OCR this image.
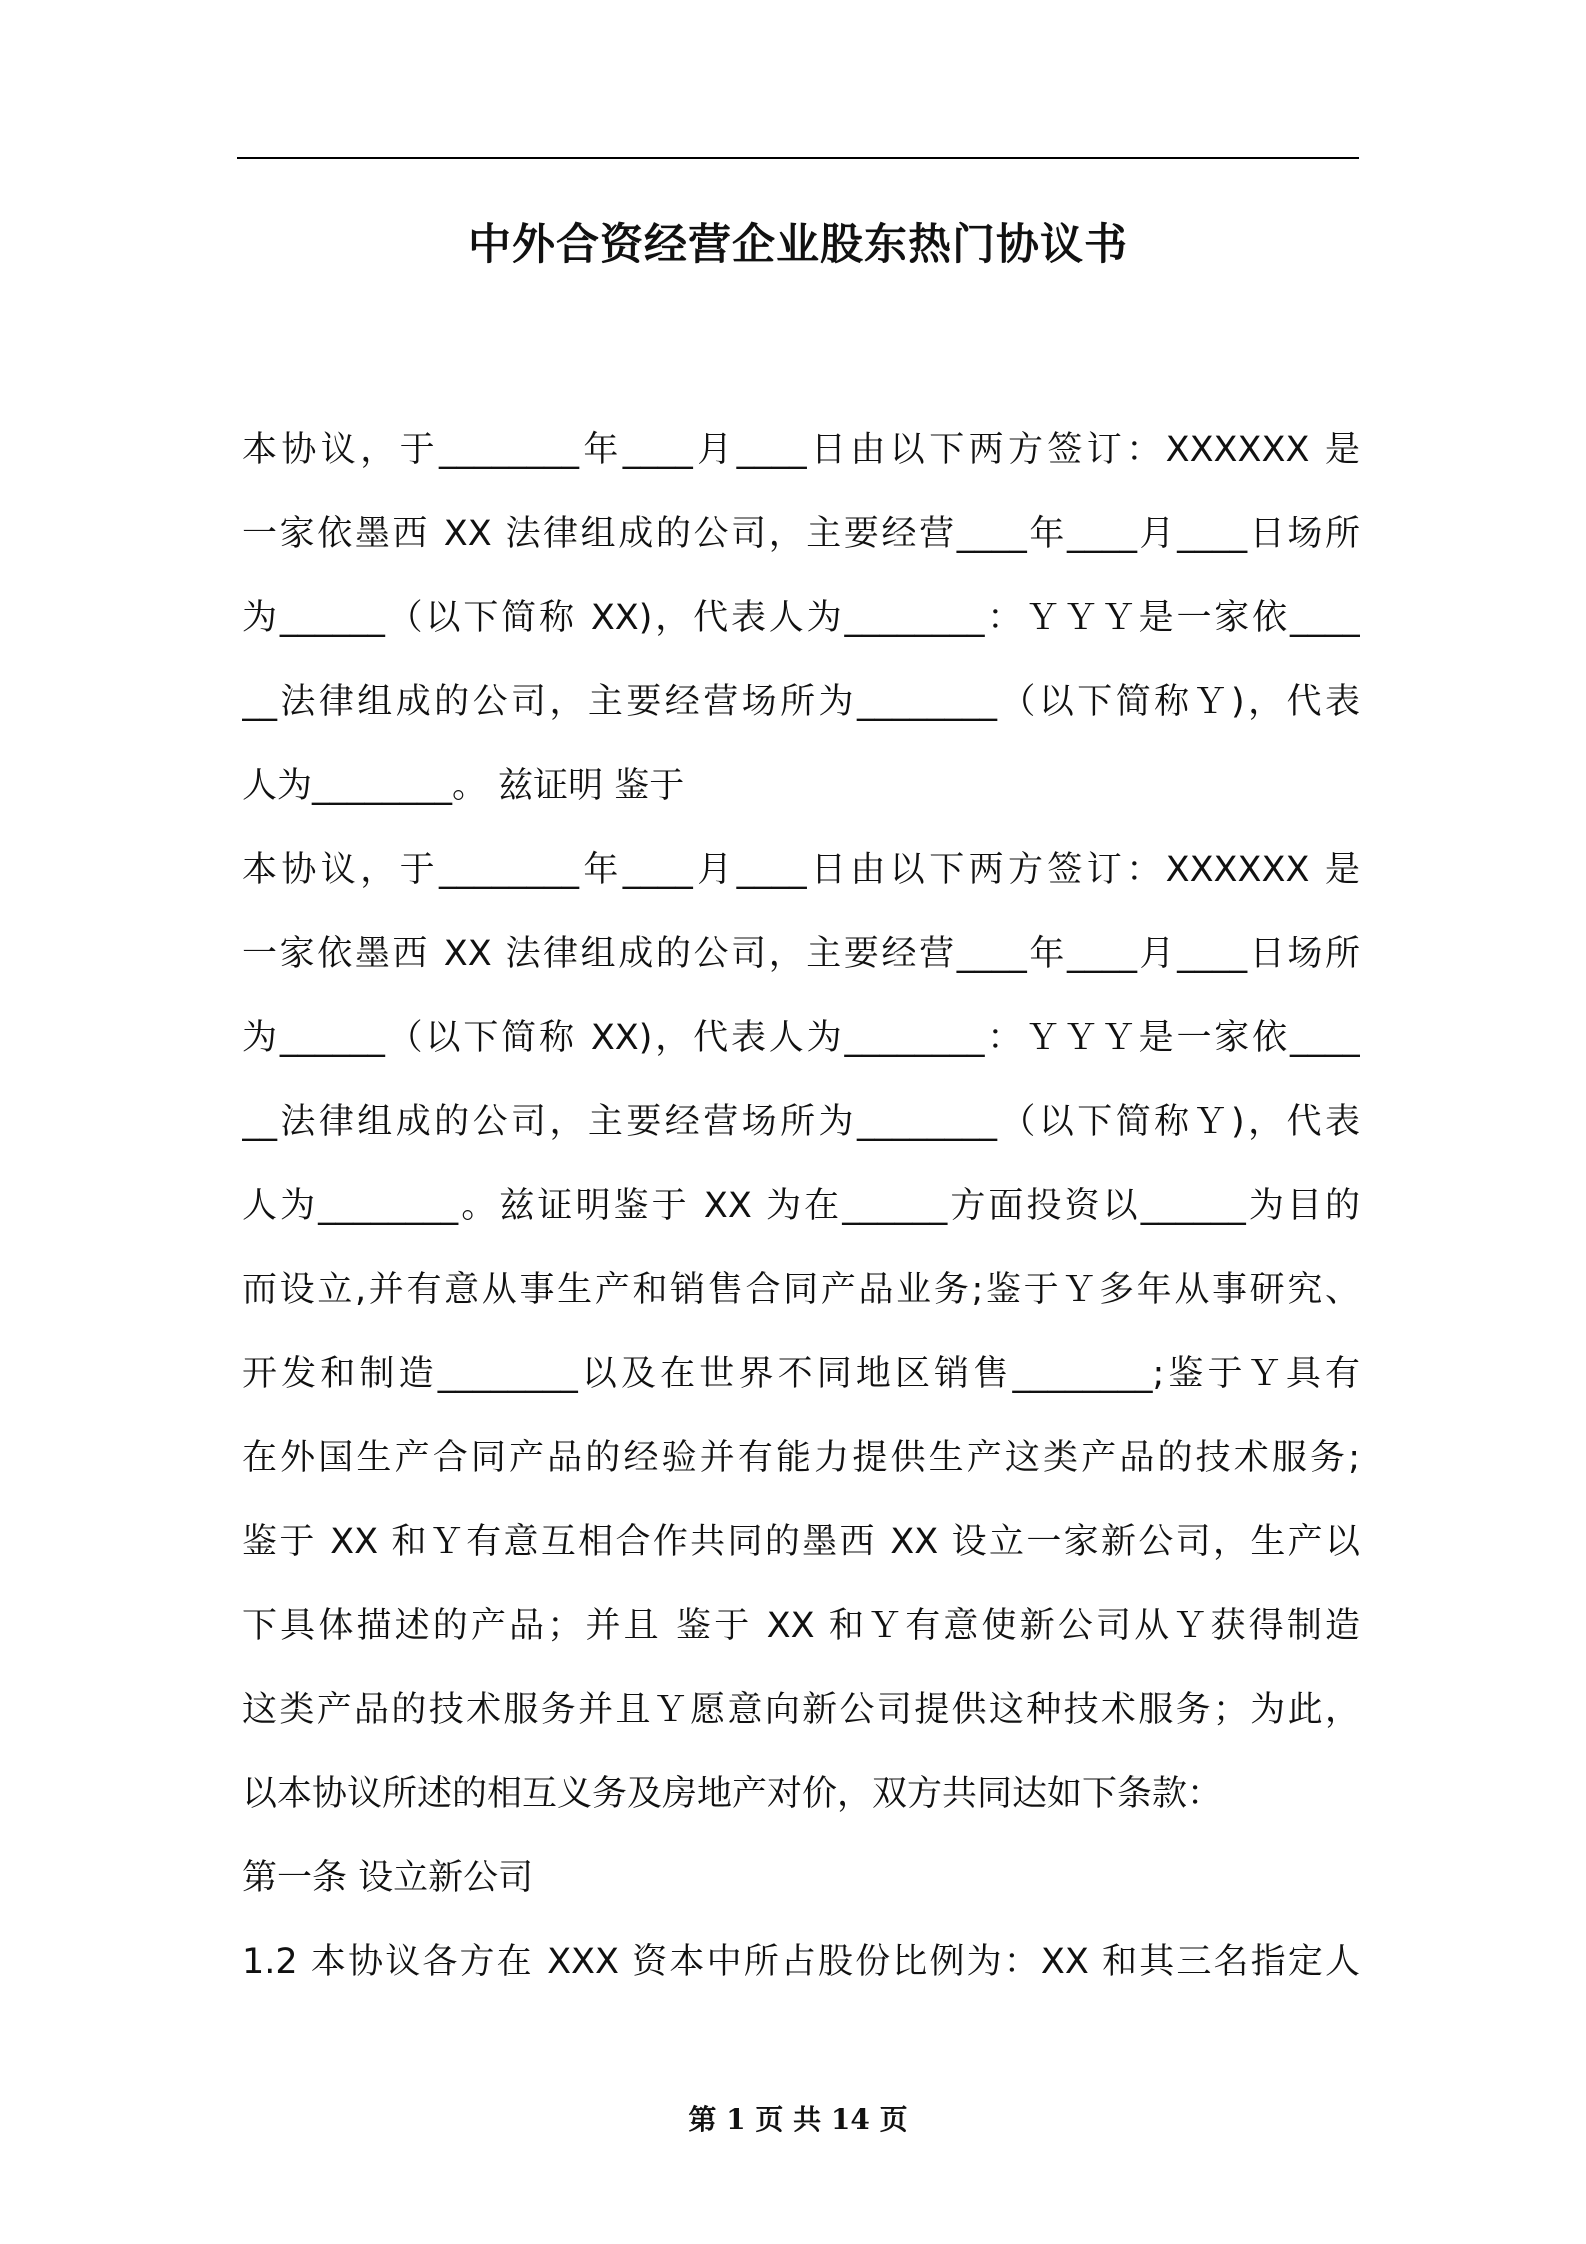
中外合资经营企业股东热门协议书
本协议，于________年____月____日由以下两方签订：XXXXXX 是
一家依墨西 XX 法律组成的公司，主要经营____年____月____日场所
为______（以下简称 XX)，代表人为________：ＹＹＹ是一家依____
__法律组成的公司，主要经营场所为________（以下简称Ｙ)，代表
人为________。 兹证明 鉴于
本协议，于________年____月____日由以下两方签订：XXXXXX 是
一家依墨西 XX 法律组成的公司，主要经营____年____月____日场所
为______（以下简称 XX)，代表人为________：ＹＹＹ是一家依____
__法律组成的公司，主要经营场所为________（以下简称Ｙ)，代表
人为________。兹证明鉴于 XX 为在______方面投资以______为目的
而设立,并有意从事生产和销售合同产品业务;鉴于Ｙ多年从事研究、
开发和制造________以及在世界不同地区销售________;鉴于Ｙ具有
在外国生产合同产品的经验并有能力提供生产这类产品的技术服务;
鉴于 XX 和Ｙ有意互相合作共同的墨西 XX 设立一家新公司，生产以
下具体描述的产品；并且 鉴于 XX 和Ｙ有意使新公司从Ｙ获得制造
这类产品的技术服务并且Ｙ愿意向新公司提供这种技术服务；为此，
以本协议所述的相互义务及房地产对价，双方共同达如下条款：
第一条 设立新公司
1.2 本协议各方在 XXX 资本中所占股份比例为：XX 和其三名指定人
第 1 页 共 14 页
